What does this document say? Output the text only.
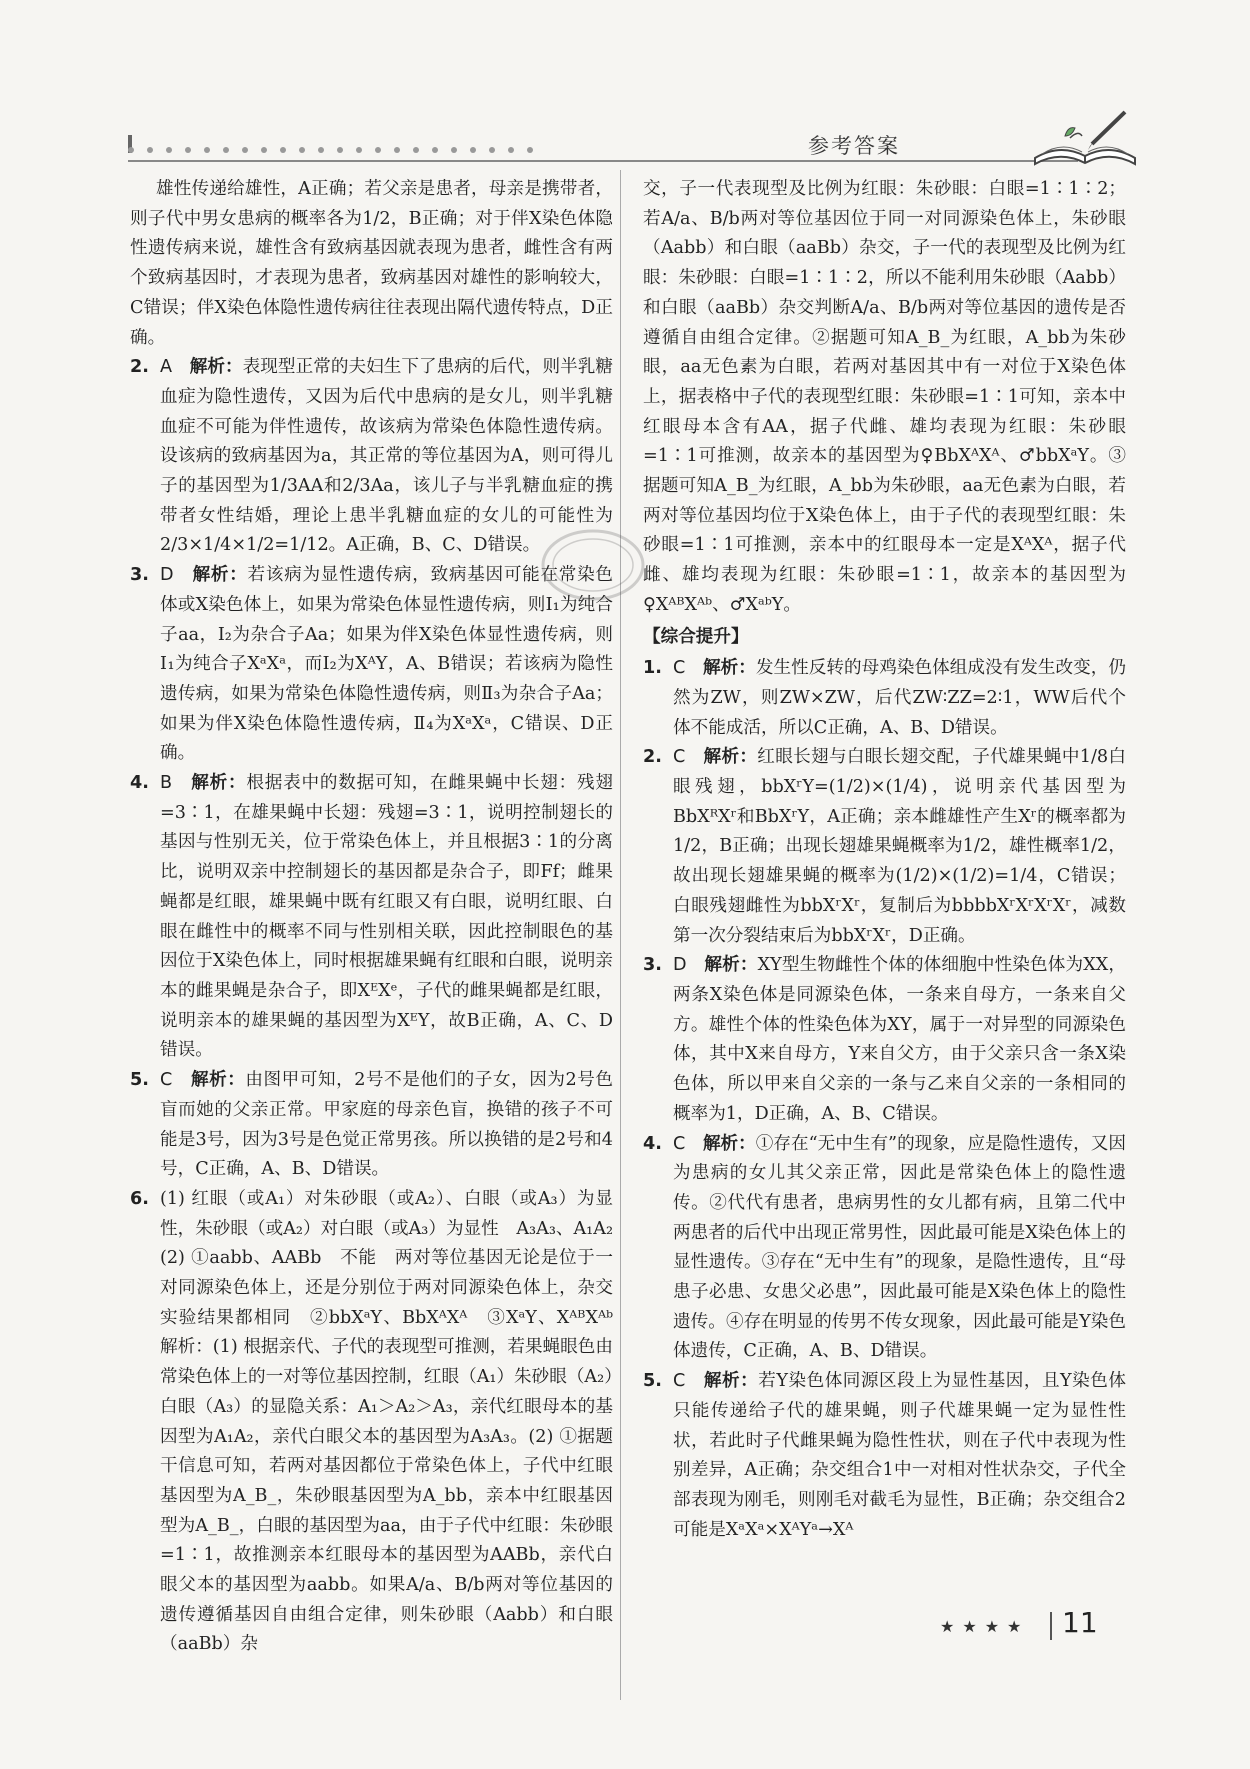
参考答案

雄性传递给雄性，A正确；若父亲是患者，母亲是携带者，则子代中男女患病的概率各为1/2，B正确；对于伴X染色体隐性遗传病来说，雄性含有致病基因就表现为患者，雌性含有两个致病基因时，才表现为患者，致病基因对雄性的影响较大，C错误；伴X染色体隐性遗传病往往表现出隔代遗传特点，D正确。

2. A　 解析：表现型正常的夫妇生下了患病的后代，则半乳糖血症为隐性遗传，又因为后代中患病的是女儿，则半乳糖血症不可能为伴性遗传，故该病为常染色体隐性遗传病。设该病的致病基因为a，其正常的等位基因为A，则可得儿子的基因型为1/3AA和2/3Aa，该儿子与半乳糖血症的携带者女性结婚，理论上患半乳糖血症的女儿的可能性为2/3×1/4×1/2=1/12。A正确，B、C、D错误。

3. D　 解析：若该病为显性遗传病，致病基因可能在常染色体或X染色体上，如果为常染色体显性遗传病，则Ⅰ₁为纯合子aa，I₂为杂合子Aa；如果为伴X染色体显性遗传病，则Ⅰ₁为纯合子XᵃXᵃ，而I₂为XᴬY，A、B错误；若该病为隐性遗传病，如果为常染色体隐性遗传病，则Ⅱ₃为杂合子Aa；如果为伴X染色体隐性遗传病，Ⅱ₄为XᵃXᵃ，C错误、D正确。

4. B　 解析：根据表中的数据可知，在雌果蝇中长翅：残翅=3∶1，在雄果蝇中长翅：残翅=3∶1，说明控制翅长的基因与性别无关，位于常染色体上，并且根据3∶1的分离比，说明双亲中控制翅长的基因都是杂合子，即Ff；雌果蝇都是红眼，雄果蝇中既有红眼又有白眼，说明红眼、白眼在雌性中的概率不同与性别相关联，因此控制眼色的基因位于X染色体上，同时根据雄果蝇有红眼和白眼，说明亲本的雌果蝇是杂合子，即XᴱXᵉ，子代的雌果蝇都是红眼，说明亲本的雄果蝇的基因型为XᴱY，故B正确，A、C、D错误。

5. C　 解析：由图甲可知，2号不是他们的子女，因为2号色盲而她的父亲正常。甲家庭的母亲色盲，换错的孩子不可能是3号，因为3号是色觉正常男孩。所以换错的是2号和4号，C正确，A、B、D错误。

6. (1) 红眼（或A₁）对朱砂眼（或A₂）、白眼（或A₃）为显性，朱砂眼（或A₂）对白眼（或A₃）为显性　A₃A₃、A₁A₂　(2) ①aabb、AABb　不能　两对等位基因无论是位于一对同源染色体上，还是分别位于两对同源染色体上，杂交实验结果都相同　②bbXᵃY、BbXᴬXᴬ　③XᵃY、XᴬᴮXᴬᵇ　解析：(1) 根据亲代、子代的表现型可推测，若果蝇眼色由常染色体上的一对等位基因控制，红眼（A₁）朱砂眼（A₂）白眼（A₃）的显隐关系：A₁＞A₂＞A₃，亲代红眼母本的基因型为A₁A₂，亲代白眼父本的基因型为A₃A₃。(2) ①据题干信息可知，若两对基因都位于常染色体上，子代中红眼基因型为A_B_，朱砂眼基因型为A_bb，亲本中红眼基因型为A_B_，白眼的基因型为aa，由于子代中红眼：朱砂眼=1∶1，故推测亲本红眼母本的基因型为AABb，亲代白眼父本的基因型为aabb。如果A/a、B/b两对等位基因的遗传遵循基因自由组合定律，则朱砂眼（Aabb）和白眼（aaBb）杂

交，子一代表现型及比例为红眼：朱砂眼：白眼=1∶1∶2；若A/a、B/b两对等位基因位于同一对同源染色体上，朱砂眼（Aabb）和白眼（aaBb）杂交，子一代的表现型及比例为红眼：朱砂眼：白眼=1∶1∶2，所以不能利用朱砂眼（Aabb）和白眼（aaBb）杂交判断A/a、B/b两对等位基因的遗传是否遵循自由组合定律。②据题可知A_B_为红眼，A_bb为朱砂眼，aa无色素为白眼，若两对基因其中有一对位于X染色体上，据表格中子代的表现型红眼：朱砂眼=1∶1可知，亲本中红眼母本含有AA，据子代雌、雄均表现为红眼：朱砂眼=1∶1可推测，故亲本的基因型为♀BbXᴬXᴬ、♂bbXᵃY。③据题可知A_B_为红眼，A_bb为朱砂眼，aa无色素为白眼，若两对等位基因均位于X染色体上，由于子代的表现型红眼：朱砂眼=1∶1可推测，亲本中的红眼母本一定是XᴬXᴬ，据子代雌、雄均表现为红眼：朱砂眼=1∶1，故亲本的基因型为♀XᴬᴮXᴬᵇ、♂XᵃᵇY。

【综合提升】

1. C　 解析：发生性反转的母鸡染色体组成没有发生改变，仍然为ZW，则ZW×ZW，后代ZW∶ZZ=2∶1，WW后代个体不能成活，所以C正确，A、B、D错误。

2. C　 解析：红眼长翅与白眼长翅交配，子代雄果蝇中1/8白眼残翅，bbXʳY=(1/2)×(1/4)，说明亲代基因型为BbXᴿXʳ和BbXʳY，A正确；亲本雌雄性产生Xʳ的概率都为1/2，B正确；出现长翅雄果蝇概率为1/2，雄性概率1/2，故出现长翅雄果蝇的概率为(1/2)×(1/2)=1/4，C错误；白眼残翅雌性为bbXʳXʳ，复制后为bbbbXʳXʳXʳXʳ，减数第一次分裂结束后为bbXʳXʳ，D正确。

3. D　 解析：XY型生物雌性个体的体细胞中性染色体为XX，两条X染色体是同源染色体，一条来自母方，一条来自父方。雄性个体的性染色体为XY，属于一对异型的同源染色体，其中X来自母方，Y来自父方，由于父亲只含一条X染色体，所以甲来自父亲的一条与乙来自父亲的一条相同的概率为1，D正确，A、B、C错误。

4. C　 解析：①存在“无中生有”的现象，应是隐性遗传，又因为患病的女儿其父亲正常，因此是常染色体上的隐性遗传。②代代有患者，患病男性的女儿都有病，且第二代中两患者的后代中出现正常男性，因此最可能是X染色体上的显性遗传。③存在“无中生有”的现象，是隐性遗传，且“母患子必患、女患父必患”，因此最可能是X染色体上的隐性遗传。④存在明显的传男不传女现象，因此最可能是Y染色体遗传，C正确，A、B、D错误。

5. C　 解析：若Y染色体同源区段上为显性基因，且Y染色体只能传递给子代的雄果蝇，则子代雄果蝇一定为显性性状，若此时子代雌果蝇为隐性性状，则在子代中表现为性别差异，A正确；杂交组合1中一对相对性状杂交，子代全部表现为刚毛，则刚毛对截毛为显性，B正确；杂交组合2可能是XᵃXᵃ×XᴬYᵃ→Xᴬ

★★★★ 11
